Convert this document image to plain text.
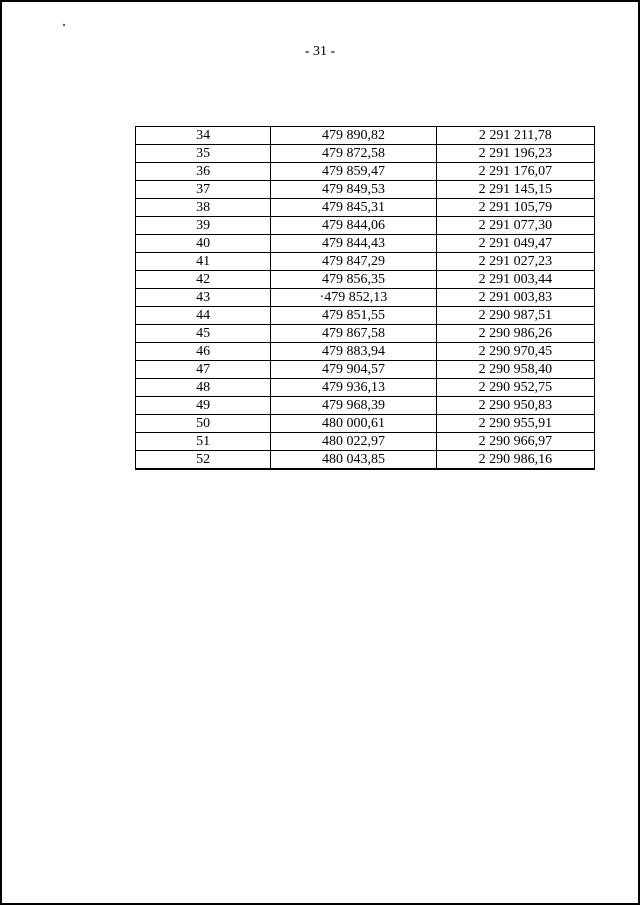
- 31 -
34	479 890,82	2 291 211,78
35	479 872,58	2 291 196,23
36	479 859,47	2 291 176,07
37	479 849,53	2 291 145,15
38	479 845,31	2 291 105,79
39	479 844,06	2 291 077,30
40	479 844,43	2 291 049,47
41	479 847,29	2 291 027,23
42	479 856,35	2 291 003,44
43	·479 852,13	2 291 003,83
44	479 851,55	2 290 987,51
45	479 867,58	2 290 986,26
46	479 883,94	2 290 970,45
47	479 904,57	2 290 958,40
48	479 936,13	2 290 952,75
49	479 968,39	2 290 950,83
50	480 000,61	2 290 955,91
51	480 022,97	2 290 966,97
52	480 043,85	2 290 986,16
